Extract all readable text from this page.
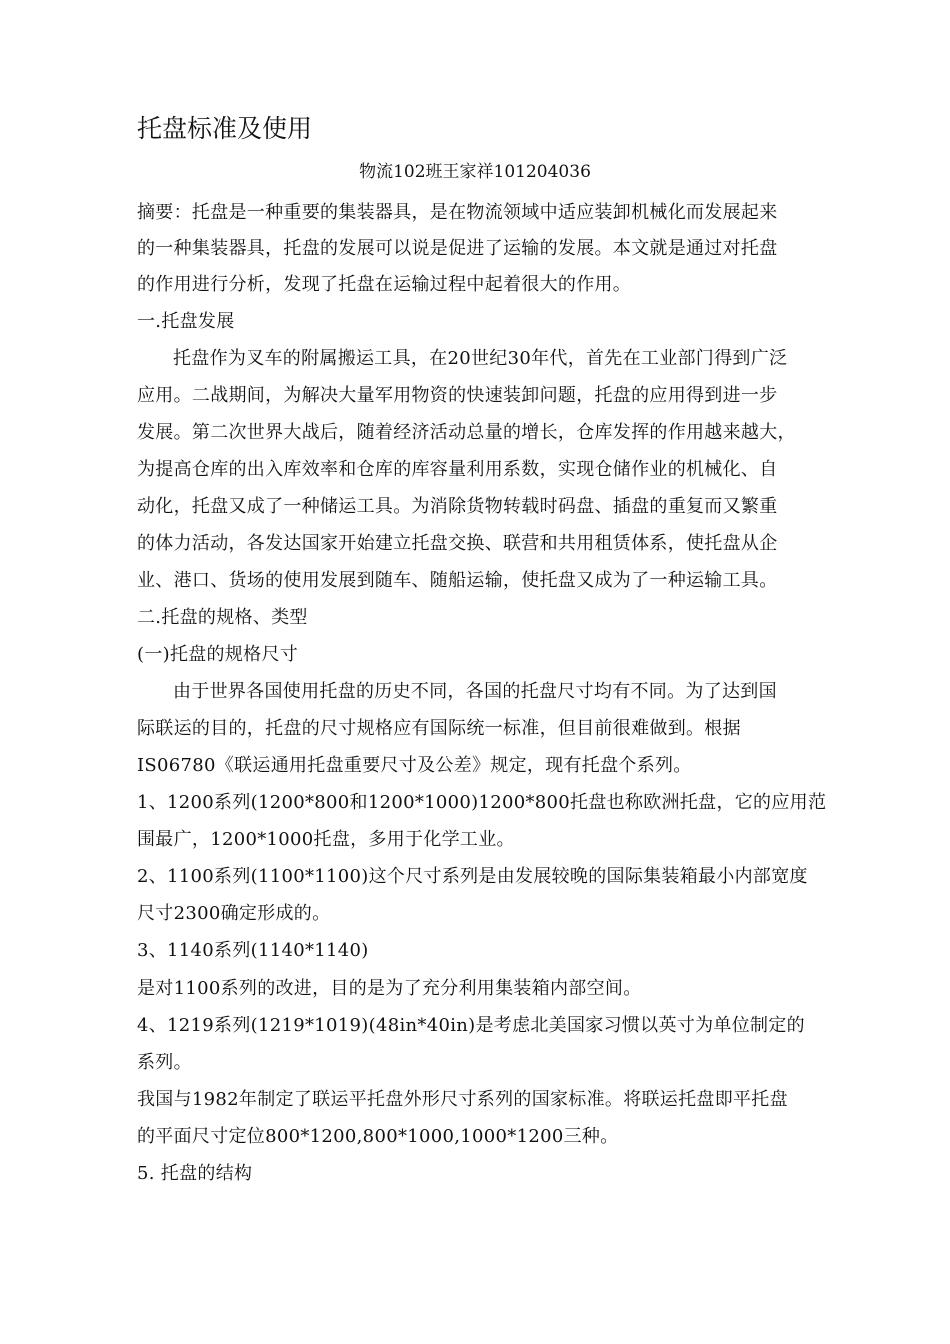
托盘标准及使用
物流102班王家祥101204036
摘要：托盘是一种重要的集装器具，是在物流领域中适应装卸机械化而发展起来
的一种集装器具，托盘的发展可以说是促进了运输的发展。本文就是通过对托盘
的作用进行分析，发现了托盘在运输过程中起着很大的作用。
一.托盘发展
托盘作为叉车的附属搬运工具，在20世纪30年代，首先在工业部门得到广泛
应用。二战期间，为解决大量军用物资的快速装卸问题，托盘的应用得到进一步
发展。第二次世界大战后，随着经济活动总量的增长，仓库发挥的作用越来越大，
为提高仓库的出入库效率和仓库的库容量利用系数，实现仓储作业的机械化、自
动化，托盘又成了一种储运工具。为消除货物转载时码盘、插盘的重复而又繁重
的体力活动，各发达国家开始建立托盘交换、联营和共用租赁体系，使托盘从企
业、港口、货场的使用发展到随车、随船运输，使托盘又成为了一种运输工具。
二.托盘的规格、类型
(一)托盘的规格尺寸
由于世界各国使用托盘的历史不同，各国的托盘尺寸均有不同。为了达到国
际联运的目的，托盘的尺寸规格应有国际统一标准，但目前很难做到。根据
IS06780《联运通用托盘重要尺寸及公差》规定，现有托盘个系列。
1、1200系列(1200*800和1200*1000)1200*800托盘也称欧洲托盘，它的应用范
围最广，1200*1000托盘，多用于化学工业。
2、1100系列(1100*1100)这个尺寸系列是由发展较晚的国际集装箱最小内部宽度
尺寸2300确定形成的。
3、1140系列(1140*1140)
是对1100系列的改进，目的是为了充分利用集装箱内部空间。
4、1219系列(1219*1019)(48in*40in)是考虑北美国家习惯以英寸为单位制定的
系列。
我国与1982年制定了联运平托盘外形尺寸系列的国家标准。将联运托盘即平托盘
的平面尺寸定位800*1200,800*1000,1000*1200三种。
5. 托盘的结构
